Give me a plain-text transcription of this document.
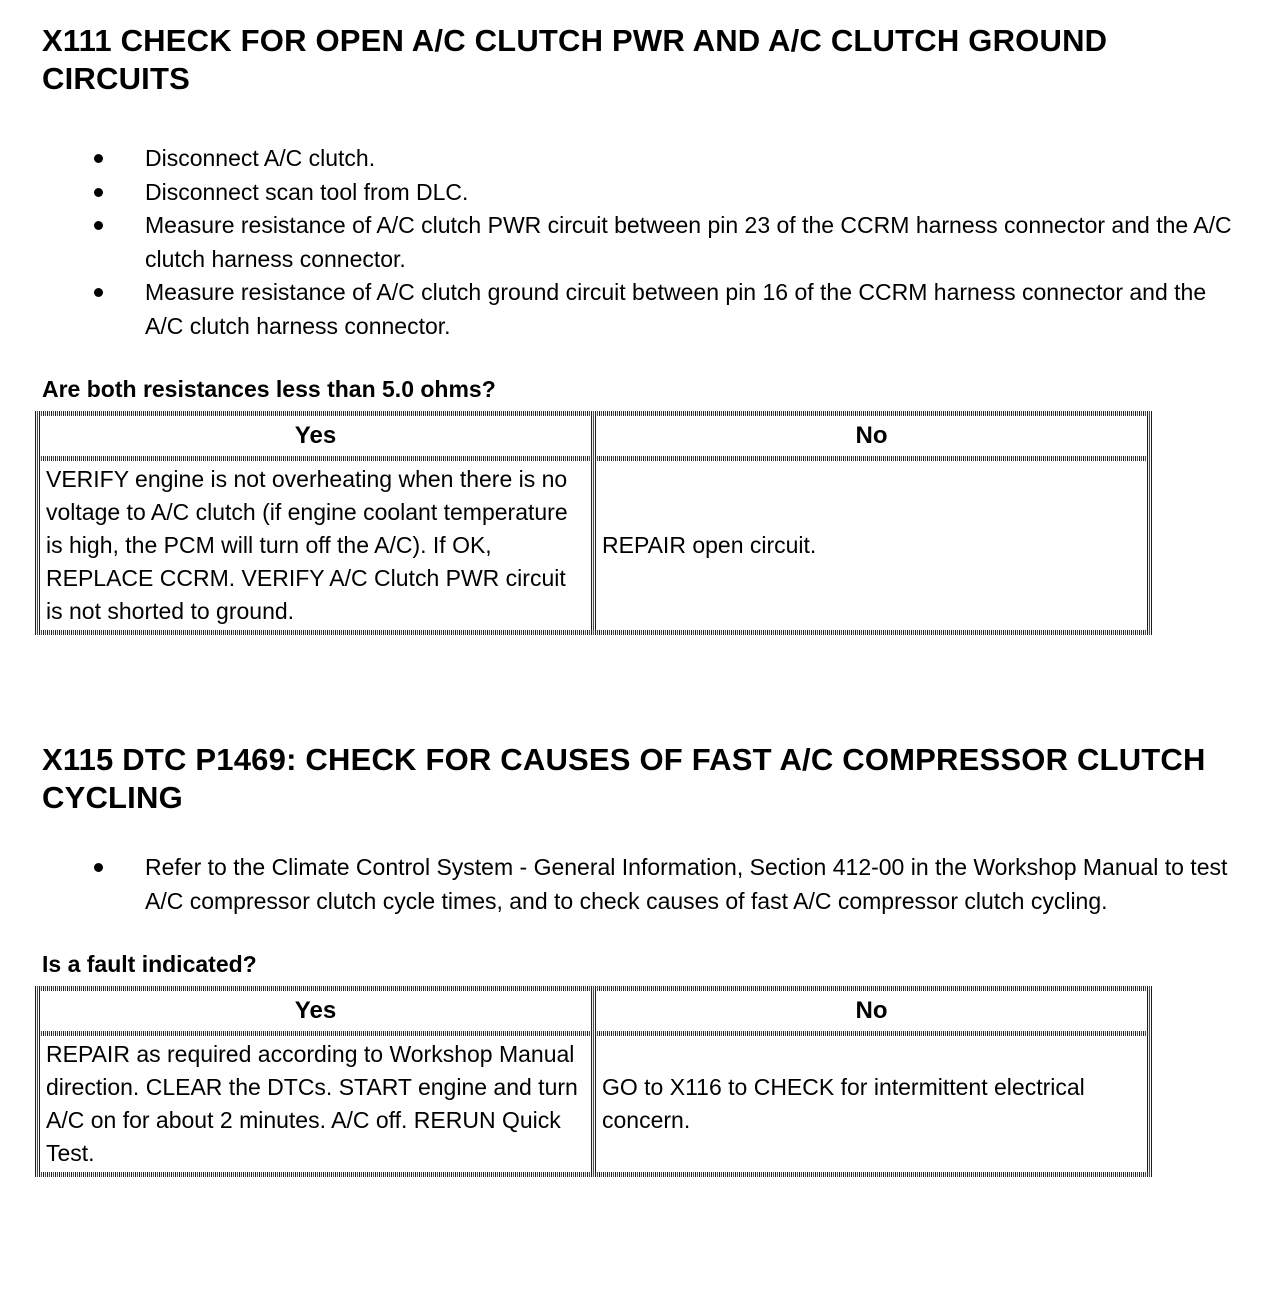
X111 CHECK FOR OPEN A/C CLUTCH PWR AND A/C CLUTCH GROUND CIRCUITS
Disconnect A/C clutch.
Disconnect scan tool from DLC.
Measure resistance of A/C clutch PWR circuit between pin 23 of the CCRM harness connector and the A/C clutch harness connector.
Measure resistance of A/C clutch ground circuit between pin 16 of the CCRM harness connector and the A/C clutch harness connector.

Are both resistances less than 5.0 ohms?

Yes	No
VERIFY engine is not overheating when there is no voltage to A/C clutch (if engine coolant temperature is high, the PCM will turn off the A/C). If OK, REPLACE CCRM. VERIFY A/C Clutch PWR circuit is not shorted to ground.	REPAIR open circuit.
X115 DTC P1469: CHECK FOR CAUSES OF FAST A/C COMPRESSOR CLUTCH CYCLING
Refer to the Climate Control System - General Information, Section 412-00 in the Workshop Manual to test A/C compressor clutch cycle times, and to check causes of fast A/C compressor clutch cycling.

Is a fault indicated?

Yes	No
REPAIR as required according to Workshop Manual direction. CLEAR the DTCs. START engine and turn A/C on for about 2 minutes. A/C off. RERUN Quick Test.	GO to X116 to CHECK for intermittent electrical concern.
